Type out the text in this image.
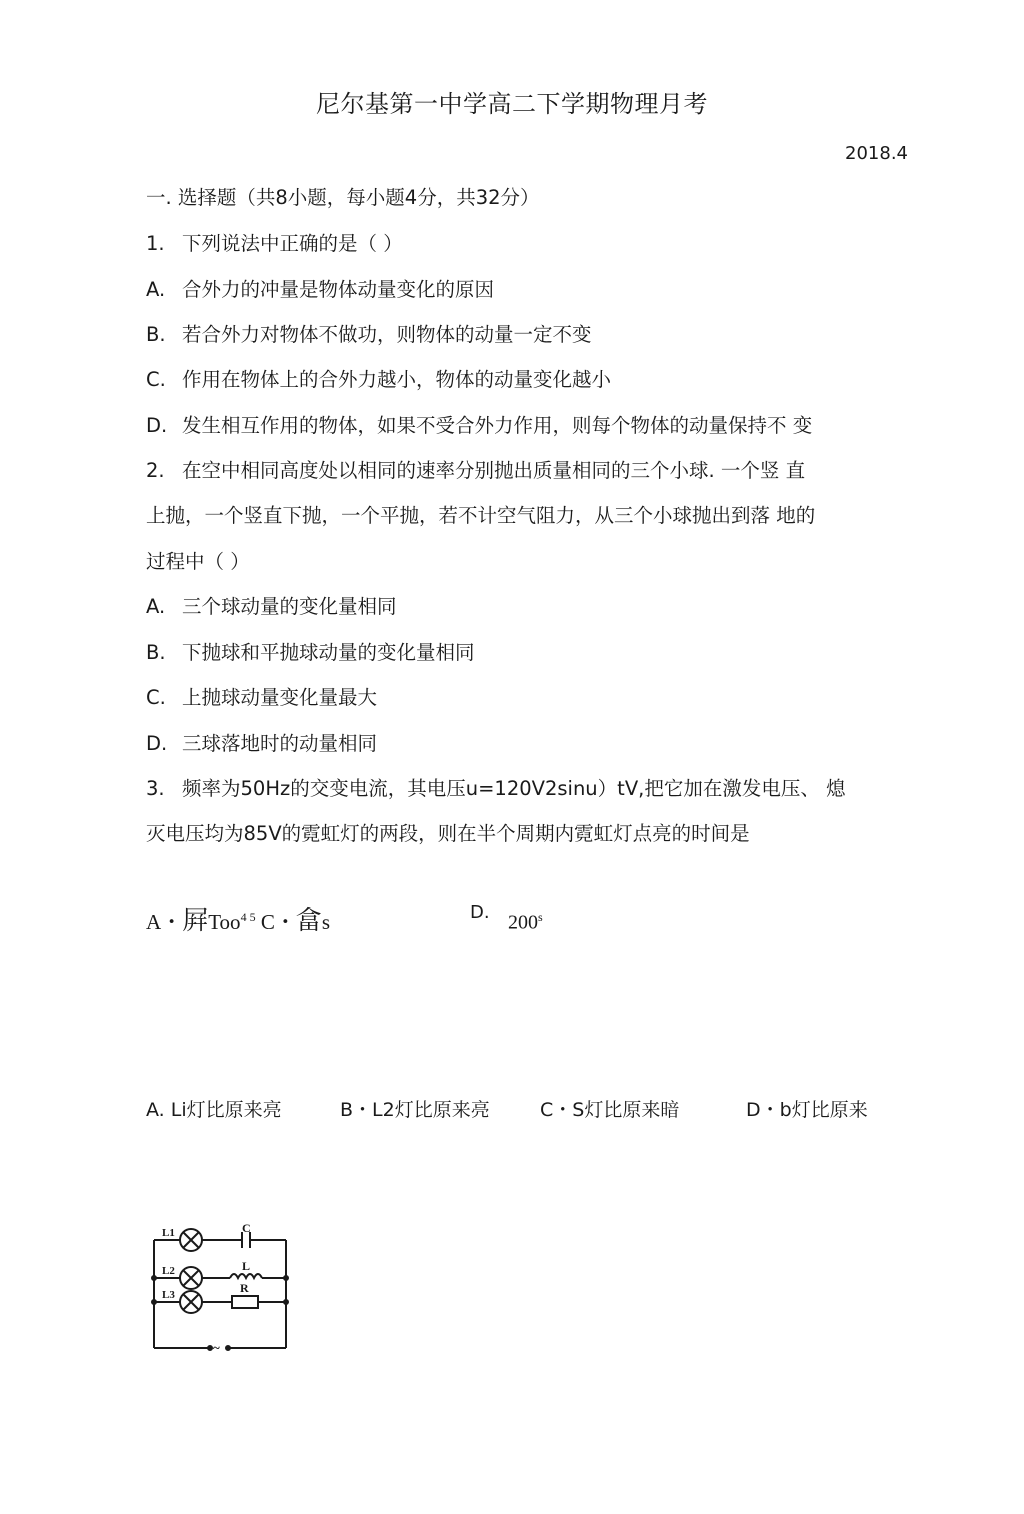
尼尔基第一中学高二下学期物理月考
2018.4
一. 选择题（共8小题，每小题4分，共32分）
1. 下列说法中正确的是（ ）
A. 合外力的冲量是物体动量变化的原因
B. 若合外力对物体不做功，则物体的动量一定不变
C. 作用在物体上的合外力越小，物体的动量变化越小
D. 发生相互作用的物体，如果不受合外力作用，则每个物体的动量保持不 变
2. 在空中相同高度处以相同的速率分别抛出质量相同的三个小球. 一个竖 直
上抛，一个竖直下抛，一个平抛，若不计空气阻力，从三个小球抛出到落 地的
过程中（ ）
A. 三个球动量的变化量相同
B. 下抛球和平抛球动量的变化量相同
C. 上抛球动量变化量最大
D. 三球落地时的动量相同
3. 频率为50Hz的交变电流，其电压u=120V2sinu）tV,把它加在激发电压、 熄
灭电压均为85V的霓虹灯的两段，则在半个周期内霓虹灯点亮的时间是
A・屛Too$^{4 5}$ C・畣s	D. 200$^s$
A. Li灯比原来亮	B・L2灯比原来亮	C・S灯比原来暗	D・b灯比原来
L1
L2
L3
C
L
R
~
